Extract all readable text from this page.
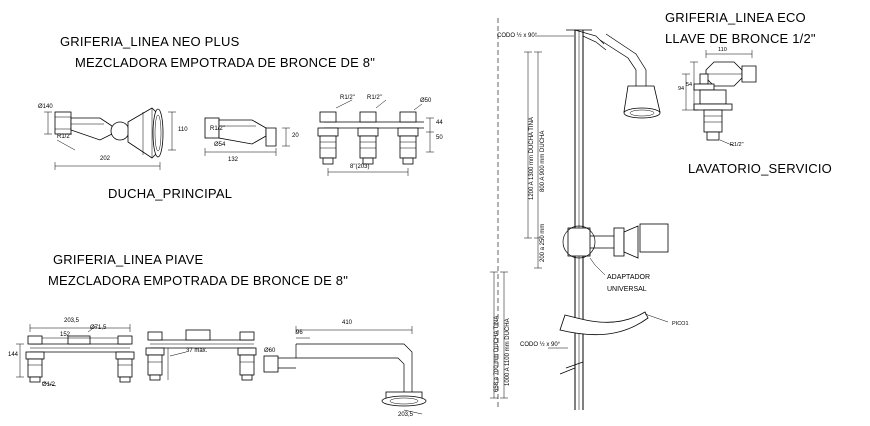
GRIFERIA_LINEA NEO PLUS
MEZCLADORA EMPOTRADA DE BRONCE DE 8"
DUCHA_PRINCIPAL
GRIFERIA_LINEA PIAVE
MEZCLADORA EMPOTRADA DE BRONCE DE 8"
GRIFERIA_LINEA ECO
LLAVE DE BRONCE 1/2"
LAVATORIO_SERVICIO
CODO ½ x 90°
CODO ½ x 90°
ADAPTADOR
UNIVERSAL
PICO1
1200 A 1300 mm DUCHA TINA 800 A 900 mm DUCHA
200 a 250 mm
658 a 700 mm DUCHA TINA 1000 A 1100 mm DUCHA
Ø140
R1/2"
110
202
R1/2"
Ø54
20
132
R1/2" R1/2"	Ø50
44
50
8"(203)
110
54
94
R1/2"
203,5
Ø71,5
152
144
Ø1/2
37 max.
410
96
Ø60
203,5
